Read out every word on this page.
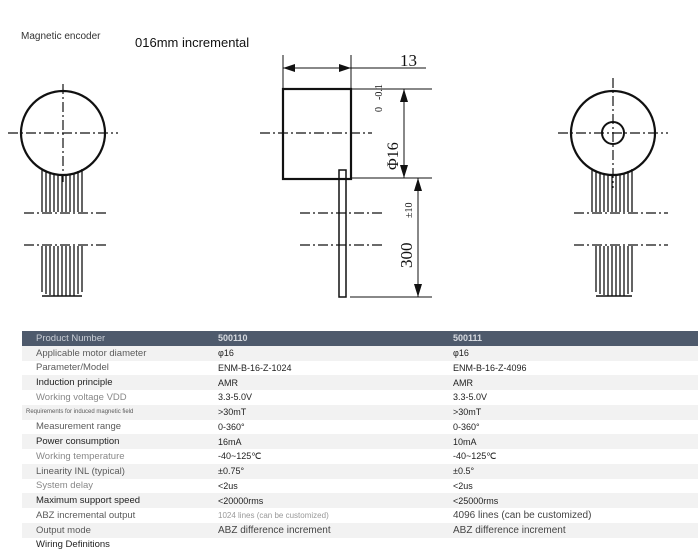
Magnetic encoder	016mm incremental
13
Φ16
0
-0.1
300
±10
Product Number	500110	500111
Applicable motor diameter	φ16	φ16
Parameter/Model	ENM-B-16-Z-1024	ENM-B-16-Z-4096
Induction principle	AMR	AMR
Working voltage VDD	3.3-5.0V	3.3-5.0V
Requirements for induced magnetic field	>30mT	>30mT
Measurement range	0-360°	0-360°
Power consumption	16mA	10mA
Working temperature	-40~125℃	-40~125℃
Linearity INL (typical)	±0.75°	±0.5°
System delay	<2us	<2us
Maximum support speed	<20000rms	<25000rms
ABZ incremental output	1024 lines (can be customized)	4096 lines (can be customized)
Output mode	ABZ difference increment	ABZ difference increment
Wiring Definitions		
